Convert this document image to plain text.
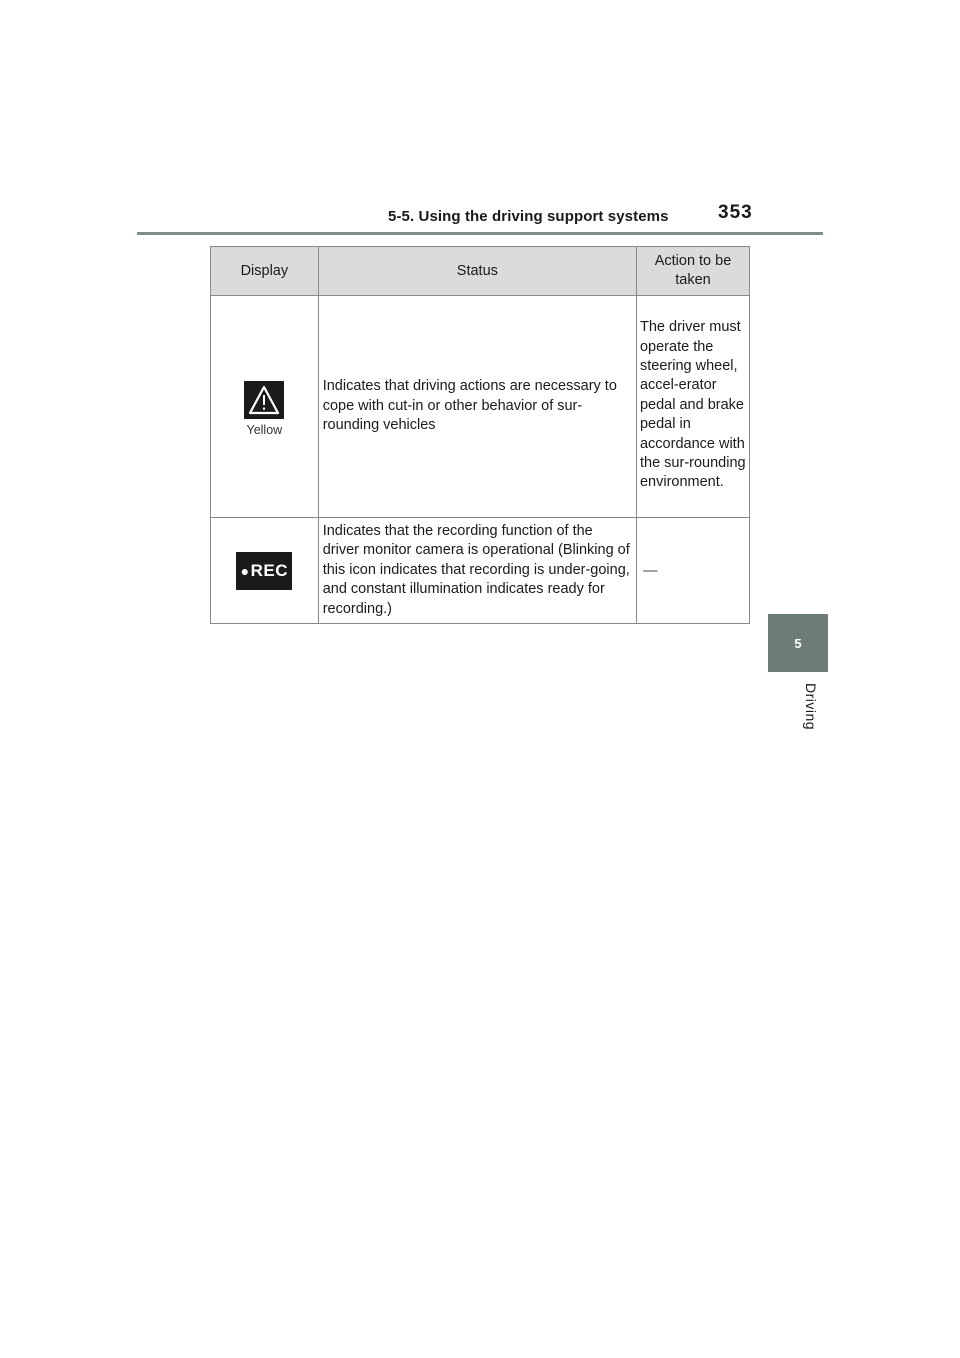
5-5. Using the driving support systems	353
5
Driving
Display	Status	Action to be taken

Yellow	Indicates that driving actions are necessary to cope with cut-in or other behavior of sur-rounding vehicles	The driver must operate the steering wheel, accel-erator pedal and brake pedal in accordance with the sur-rounding environment.

●REC	Indicates that the recording function of the driver monitor camera is operational (Blinking of this icon indicates that recording is under-going, and constant illumination indicates ready for recording.)	—
